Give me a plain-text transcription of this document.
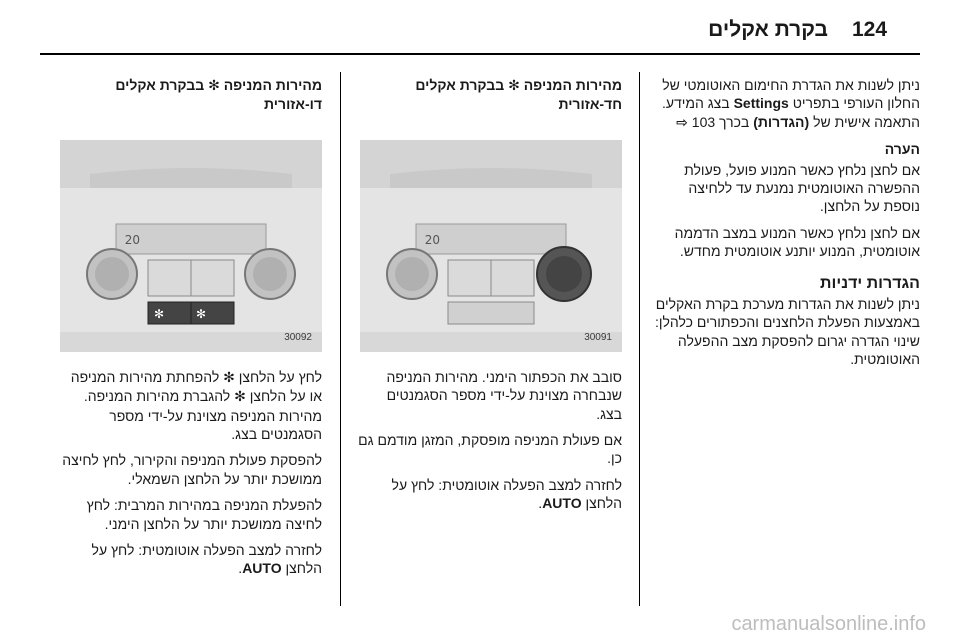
124
בקרת אקלים

ניתן לשנות את הגדרת החימום האוטומטי של החלון העורפי בתפריט Settings בצג המידע. התאמה אישית של (הגדרות) בכרך 103 ⇨

הערה

אם לחצן נלחץ כאשר המנוע פועל, פעולת ההפשרה האוטומטית נמנעת עד ללחיצה נוספת על הלחצן.

אם לחצן נלחץ כאשר המנוע במצב הדממה אוטומטית, המנוע יותנע אוטומטית מחדש.

הגדרות ידניות

ניתן לשנות את הגדרות מערכת בקרת האקלים באמצעות הפעלת הלחצנים והכפתורים כלהלן: שינוי הגדרה יגרום להפסקת מצב ההפעלה האוטומטית.

מהירות המניפה ✻ בבקרת אקלים חד-אזורית

20
30091

סובב את הכפתור הימני. מהירות המניפה שנבחרה מצוינת על-ידי מספר הסגמנטים בצג.

אם פעולת המניפה מופסקת, המזגן מודמם גם כן.

לחזרה למצב הפעלה אוטומטית: לחץ על הלחצן AUTO.

מהירות המניפה ✻ בבקרת אקלים דו-אזורית

20
✻	✻
30092

לחץ על הלחצן ✻ להפחתת מהירות המניפה או על הלחצן ✻ להגברת מהירות המניפה. מהירות המניפה מצוינת על-ידי מספר הסגמנטים בצג.

להפסקת פעולת המניפה והקירור, לחץ לחיצה ממושכת יותר על הלחצן השמאלי.

להפעלת המניפה במהירות המרבית: לחץ לחיצה ממושכת יותר על הלחצן הימני.

לחזרה למצב הפעלה אוטומטית: לחץ על הלחצן AUTO.

carmanualsonline.info
